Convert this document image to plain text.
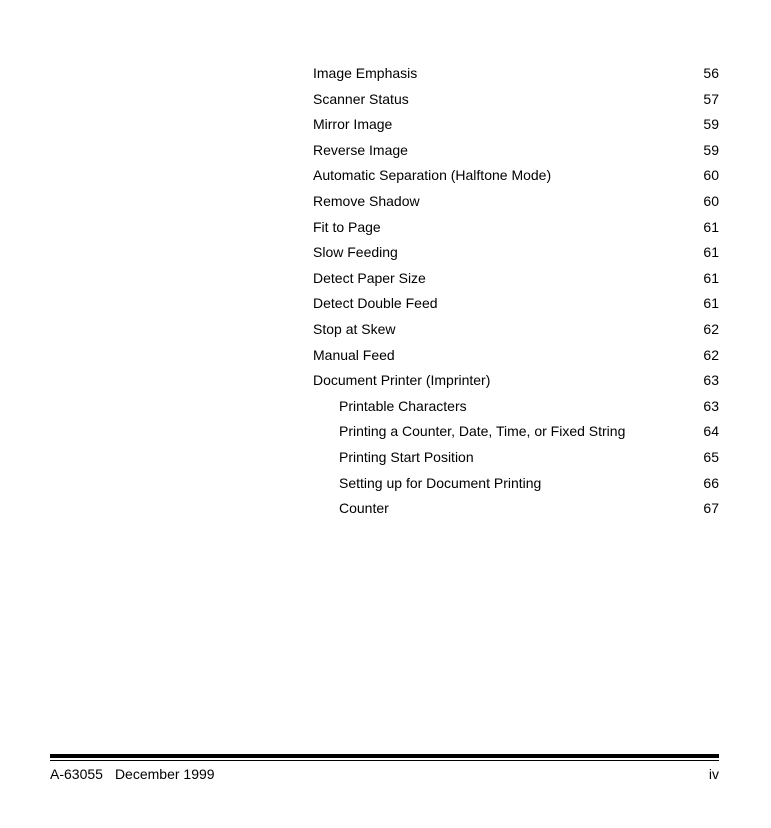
Image Emphasis	56
Scanner Status	57
Mirror Image	59
Reverse Image	59
Automatic Separation (Halftone Mode)	60
Remove Shadow	60
Fit to Page	61
Slow Feeding	61
Detect Paper Size	61
Detect Double Feed	61
Stop at Skew	62
Manual Feed	62
Document Printer (Imprinter)	63
Printable Characters	63
Printing a Counter, Date, Time, or Fixed String	64
Printing Start Position	65
Setting up for Document Printing	66
Counter	67
A-63055 December 1999	iv
